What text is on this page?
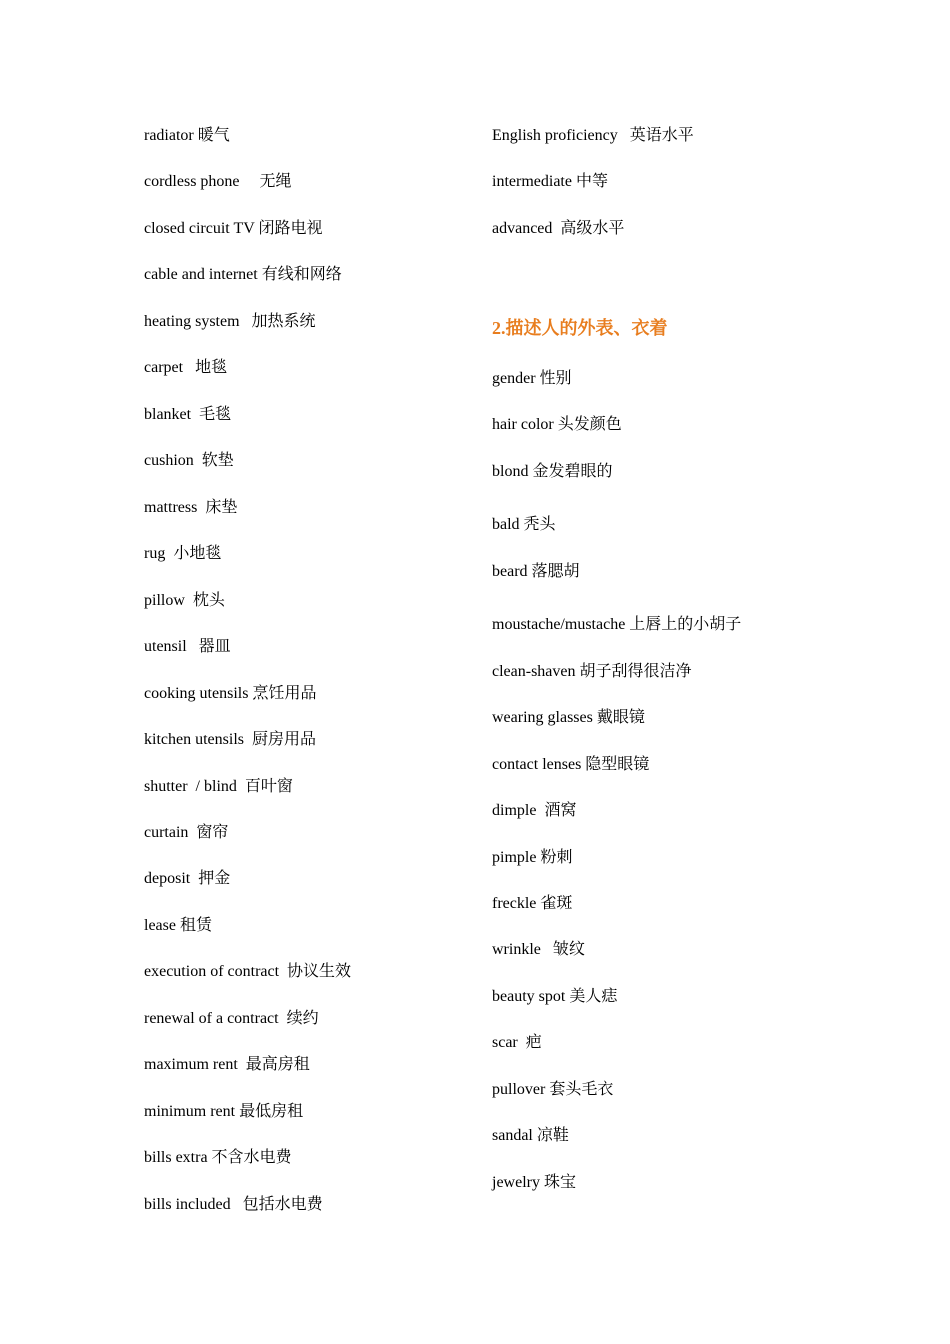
radiator 暖气
cordless phone     无绳
closed circuit TV 闭路电视
cable and internet 有线和网络
heating system   加热系统
carpet   地毯
blanket  毛毯
cushion  软垫
mattress  床垫
rug  小地毯
pillow  枕头
utensil   器皿
cooking utensils 烹饪用品
kitchen utensils  厨房用品
shutter  / blind  百叶窗
curtain  窗帘
deposit  押金
lease 租赁
execution of contract  协议生效
renewal of a contract  续约
maximum rent  最高房租
minimum rent 最低房租
bills extra 不含水电费
bills included   包括水电费
English proficiency   英语水平
intermediate 中等
advanced  高级水平
2.描述人的外表、衣着
gender 性别
hair color 头发颜色
blond 金发碧眼的
bald 秃头
beard 落腮胡
moustache/mustache 上唇上的小胡子
clean-shaven 胡子刮得很洁净
wearing glasses 戴眼镜
contact lenses 隐型眼镜
dimple  酒窝
pimple 粉刺
freckle 雀斑
wrinkle   皱纹
beauty spot 美人痣
scar  疤
pullover 套头毛衣
sandal 凉鞋
jewelry 珠宝
